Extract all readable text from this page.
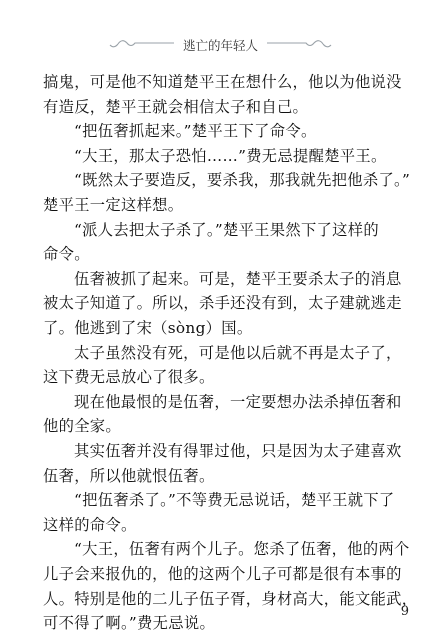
逃亡的年轻人
搞鬼，可是他不知道楚平王在想什么，他以为他说没
有造反，楚平王就会相信太子和自己。
“把伍奢抓起来。”楚平王下了命令。
“大王，那太子恐怕……”费无忌提醒楚平王。
“既然太子要造反，要杀我，那我就先把他杀了。”
楚平王一定这样想。
“派人去把太子杀了。”楚平王果然下了这样的
命令。
伍奢被抓了起来。可是，楚平王要杀太子的消息
被太子知道了。所以，杀手还没有到，太子建就逃走
了。他逃到了宋（sòng）国。
太子虽然没有死，可是他以后就不再是太子了，
这下费无忌放心了很多。
现在他最恨的是伍奢，一定要想办法杀掉伍奢和
他的全家。
其实伍奢并没有得罪过他，只是因为太子建喜欢
伍奢，所以他就恨伍奢。
“把伍奢杀了。”不等费无忌说话，楚平王就下了
这样的命令。
“大王，伍奢有两个儿子。您杀了伍奢，他的两个
儿子会来报仇的，他的这两个儿子可都是很有本事的
人。特别是他的二儿子伍子胥，身材高大，能文能武，
可不得了啊。”费无忌说。
9
